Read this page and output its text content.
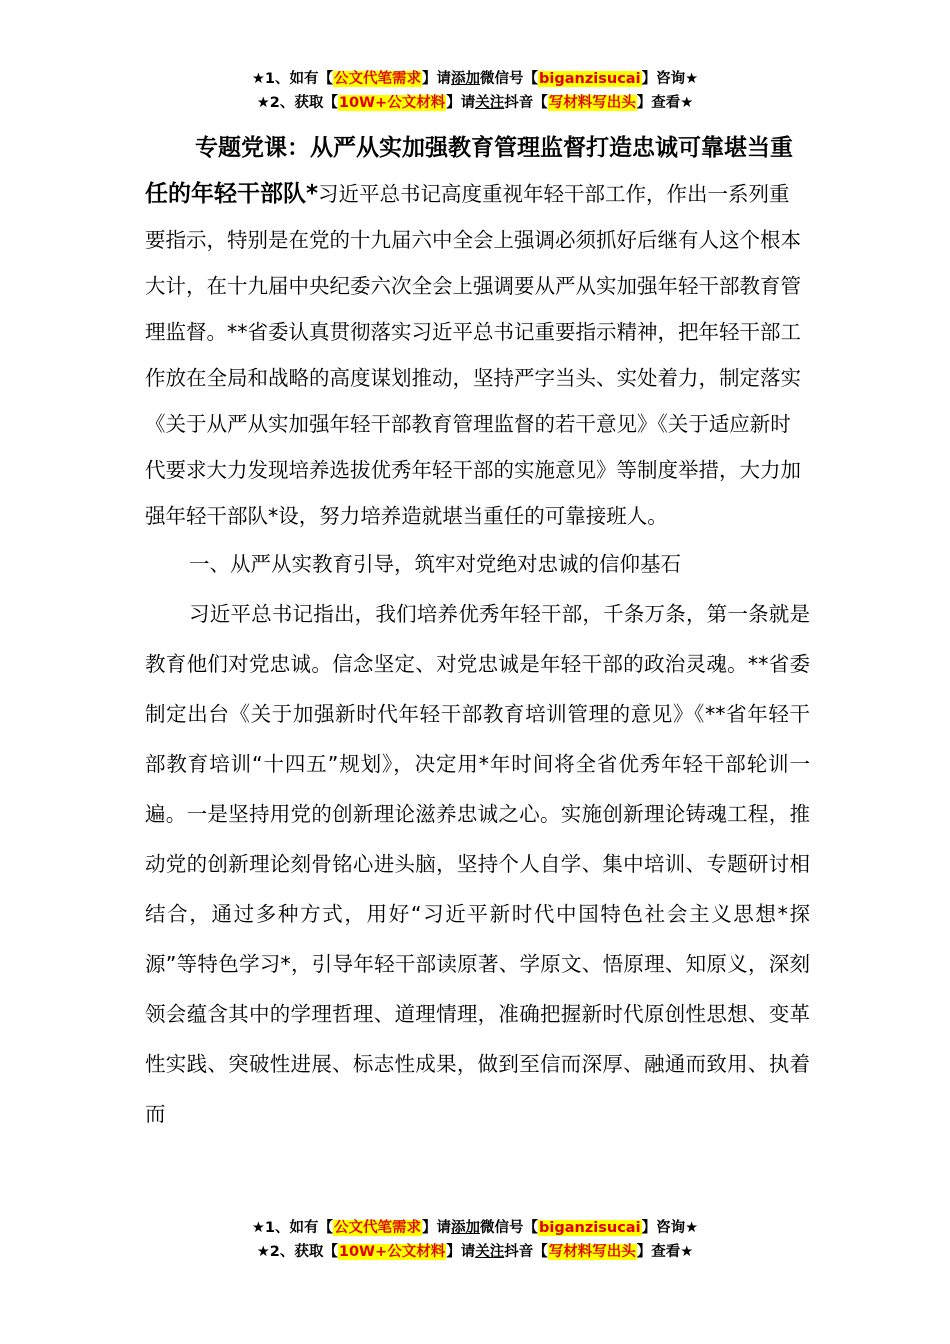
★1、如有【公文代笔需求】请添加微信号【biganzisucai】咨询★
★2、获取【10W+公文材料】请关注抖音【写材料写出头】查看★

专题党课：从严从实加强教育管理监督打造忠诚可靠堪当重任的年轻干部队*习近平总书记高度重视年轻干部工作，作出一系列重要指示，特别是在党的十九届六中全会上强调必须抓好后继有人这个根本大计，在十九届中央纪委六次全会上强调要从严从实加强年轻干部教育管理监督。**省委认真贯彻落实习近平总书记重要指示精神，把年轻干部工作放在全局和战略的高度谋划推动，坚持严字当头、实处着力，制定落实《关于从严从实加强年轻干部教育管理监督的若干意见》《关于适应新时代要求大力发现培养选拔优秀年轻干部的实施意见》等制度举措，大力加强年轻干部队*设，努力培养造就堪当重任的可靠接班人。

一、从严从实教育引导，筑牢对党绝对忠诚的信仰基石

习近平总书记指出，我们培养优秀年轻干部，千条万条，第一条就是教育他们对党忠诚。信念坚定、对党忠诚是年轻干部的政治灵魂。**省委制定出台《关于加强新时代年轻干部教育培训管理的意见》《**省年轻干部教育培训“十四五”规划》，决定用*年时间将全省优秀年轻干部轮训一遍。一是坚持用党的创新理论滋养忠诚之心。实施创新理论铸魂工程，推动党的创新理论刻骨铭心进头脑，坚持个人自学、集中培训、专题研讨相结合，通过多种方式，用好“习近平新时代中国特色社会主义思想*探源”等特色学习*，引导年轻干部读原著、学原文、悟原理、知原义，深刻领会蕴含其中的学理哲理、道理情理，准确把握新时代原创性思想、变革性实践、突破性进展、标志性成果，做到至信而深厚、融通而致用、执着而

★1、如有【公文代笔需求】请添加微信号【biganzisucai】咨询★
★2、获取【10W+公文材料】请关注抖音【写材料写出头】查看★
